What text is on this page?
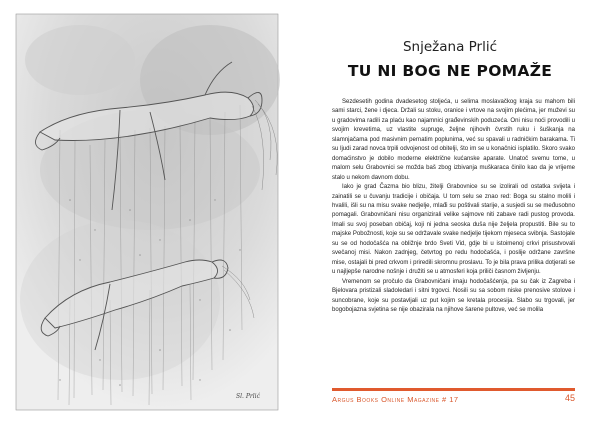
Sl. Prlić
Snježana Prlić
TU NI BOG NE POMAŽE

Šezdesetih godina dvadesetog stoljeća, u selima moslavačkog kraja su mahom bili sami starci, žene i djeca. Držali su stoku, oranice i vrtove na svojim plećima, jer muževi su u gradovima radili za plaću kao najamnici građevinskih poduzeća. Oni nisu noći provodili u svojim krevetima, uz vlastite supruge, željne njihovih čvrstih ruku i šuškanja na slamnjačama pod masivnim pernatim poplunima, već su spavali u radničkim barakama. Ti su ljudi zarad novca trpili odvojenost od obitelji, što im se u konačnici isplatilo. Skoro svako domaćinstvo je dobilo moderne električne kućanske aparate. Unatoč svemu tome, u malom selu Grabovnici se možda baš zbog izbivanja muškaraca činilo kao da je vrijeme stalo u nekom davnom dobu.

Iako je grad Čazma bio blizu, žitelji Grabovnice su se izolirali od ostatka svijeta i zainatili se u čuvanju tradicije i običaja. U tom selu se znao red: Boga su stalno molili i hvalili, išli su na misu svake nedjelje, mlađi su poštivali starije, a susjedi su se međusobno pomagali. Grabovničani nisu organizirali velike sajmove niti zabave radi pustog provoda. Imali su svoj poseban običaj, koji ni jedna seoska duša nije željela propustiti. Bile su to majske Pobožnosti, koje su se održavale svake nedjelje tijekom mjeseca svibnja. Sastojale su se od hodočašća na obližnje brdo Sveti Vid, gdje bi u istoimenoj crkvi prisustvovali svečanoj misi. Nakon zadnjeg, četvrtog po redu hodočašća, i poslije održane završne mise, ostajali bi pred crkvom i priredili skromnu proslavu. To je bila prava prilika dotjerati se u najljepše narodne nošnje i družiti se u atmosferi koja priliči časnom življenju.

Vremenom se pročulo da Grabovničani imaju hodočašćenja, pa su čak iz Zagreba i Bjelovara pristizali sladoledari i sitni trgovci. Nosili su sa sobom niske prenosive stolove i suncobrane, koje su postavljali uz put kojim se kretala procesija. Slabo su trgovali, jer bogobojazna svjetina se nije obazirala na njihove šarene pultove, već se molila

Argus Books Online Magazine # 17	45
